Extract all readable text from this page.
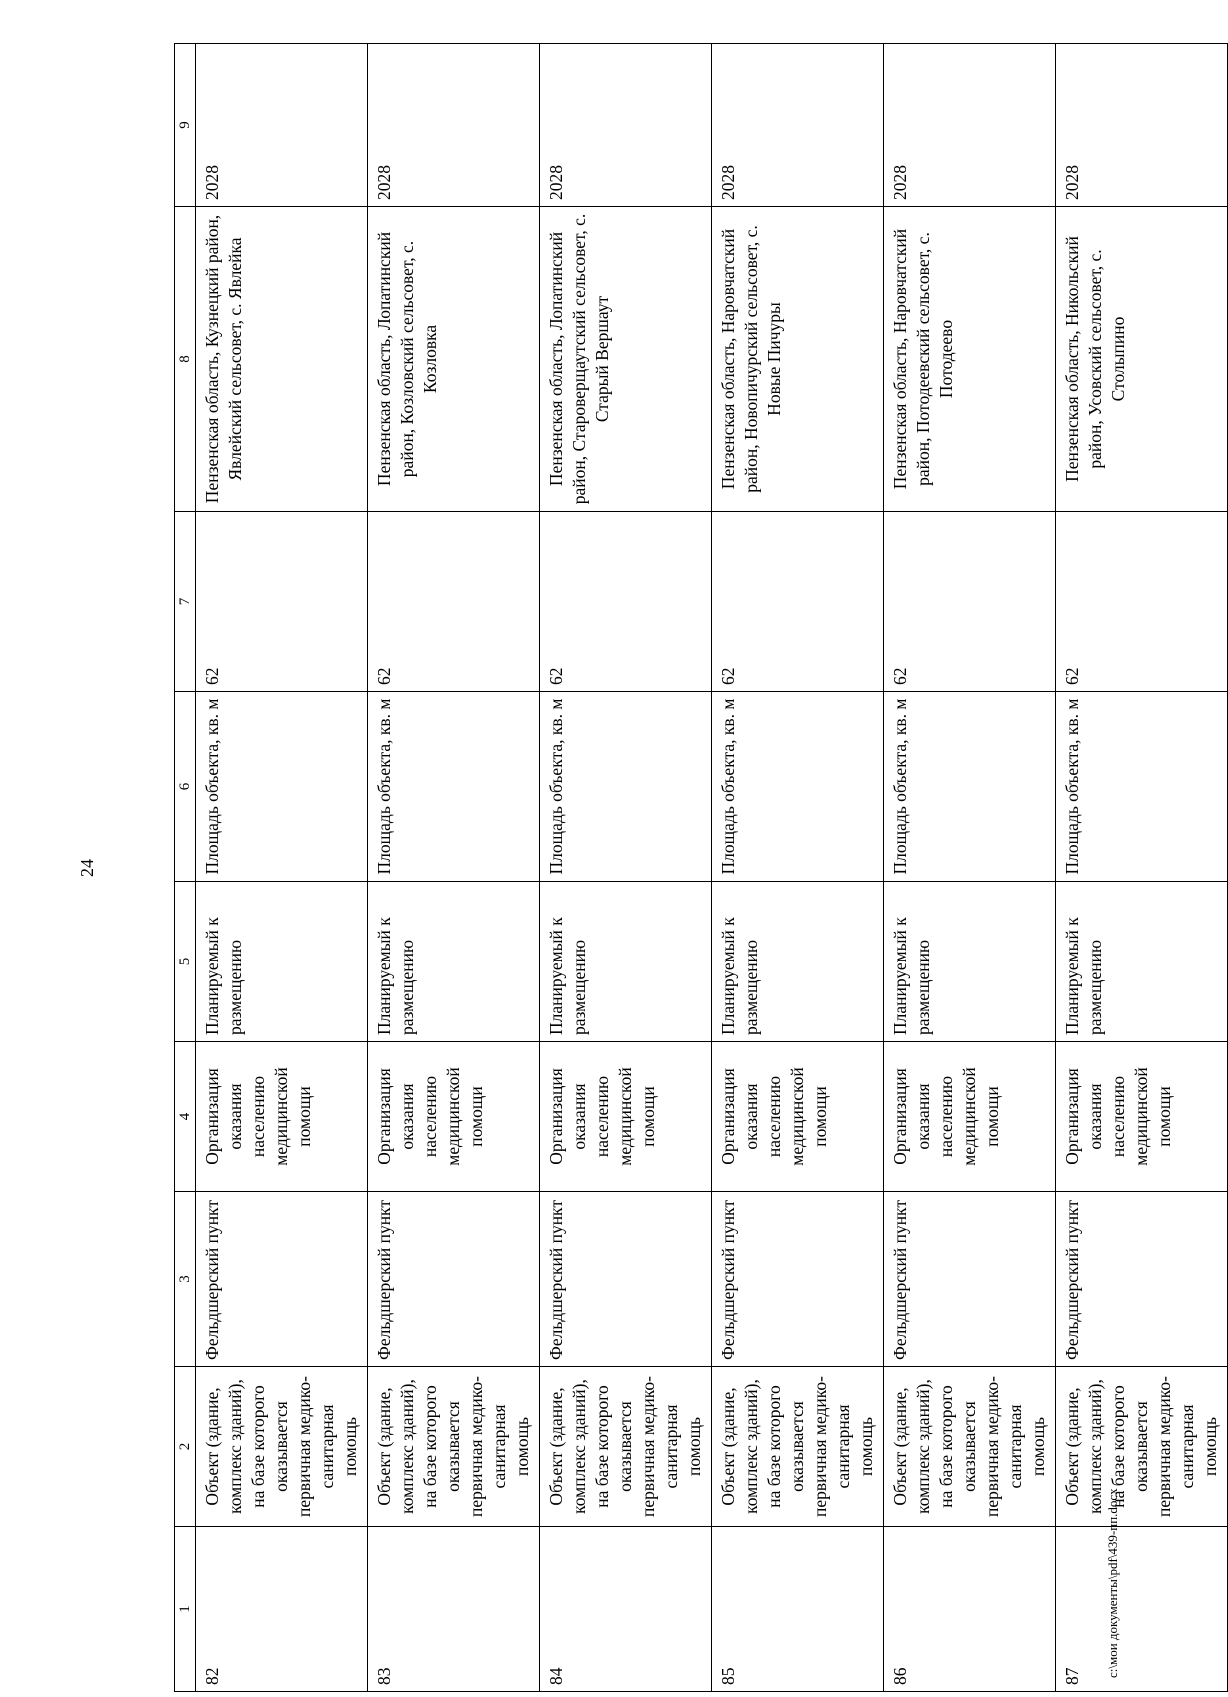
24
1	2	3	4	5	6	7	8	9
82	Объект (здание, комплекс зданий), на базе которого оказывается первичная медико-санитарная помощь	Фельдшерский пункт	Организация оказания населению медицинской помощи	Планируемый к размещению	Площадь объекта, кв. м	62	Пензенская область, Кузнецкий район, Явлейский сельсовет, с. Явлейка	2028
83	Объект (здание, комплекс зданий), на базе которого оказывается первичная медико-санитарная помощь	Фельдшерский пункт	Организация оказания населению медицинской помощи	Планируемый к размещению	Площадь объекта, кв. м	62	Пензенская область, Лопатинский район, Козловский сельсовет, с. Козловка	2028
84	Объект (здание, комплекс зданий), на базе которого оказывается первичная медико-санитарная помощь	Фельдшерский пункт	Организация оказания населению медицинской помощи	Планируемый к размещению	Площадь объекта, кв. м	62	Пензенская область, Лопатинский район, Староверщаутский сельсовет, с. Старый Вершаут	2028
85	Объект (здание, комплекс зданий), на базе которого оказывается первичная медико-санитарная помощь	Фельдшерский пункт	Организация оказания населению медицинской помощи	Планируемый к размещению	Площадь объекта, кв. м	62	Пензенская область, Наровчатский район, Новопичурский сельсовет, с. Новые Пичуры	2028
86	Объект (здание, комплекс зданий), на базе которого оказывается первичная медико-санитарная помощь	Фельдшерский пункт	Организация оказания населению медицинской помощи	Планируемый к размещению	Площадь объекта, кв. м	62	Пензенская область, Наровчатский район, Потодеевский сельсовет, с. Потодеево	2028
87	Объект (здание, комплекс зданий), на базе которого оказывается первичная медико-санитарная помощь	Фельдшерский пункт	Организация оказания населению медицинской помощи	Планируемый к размещению	Площадь объекта, кв. м	62	Пензенская область, Никольский район, Усовский сельсовет, с. Столыпино	2028
c:\мои документы\pdf\439-пп.docx
